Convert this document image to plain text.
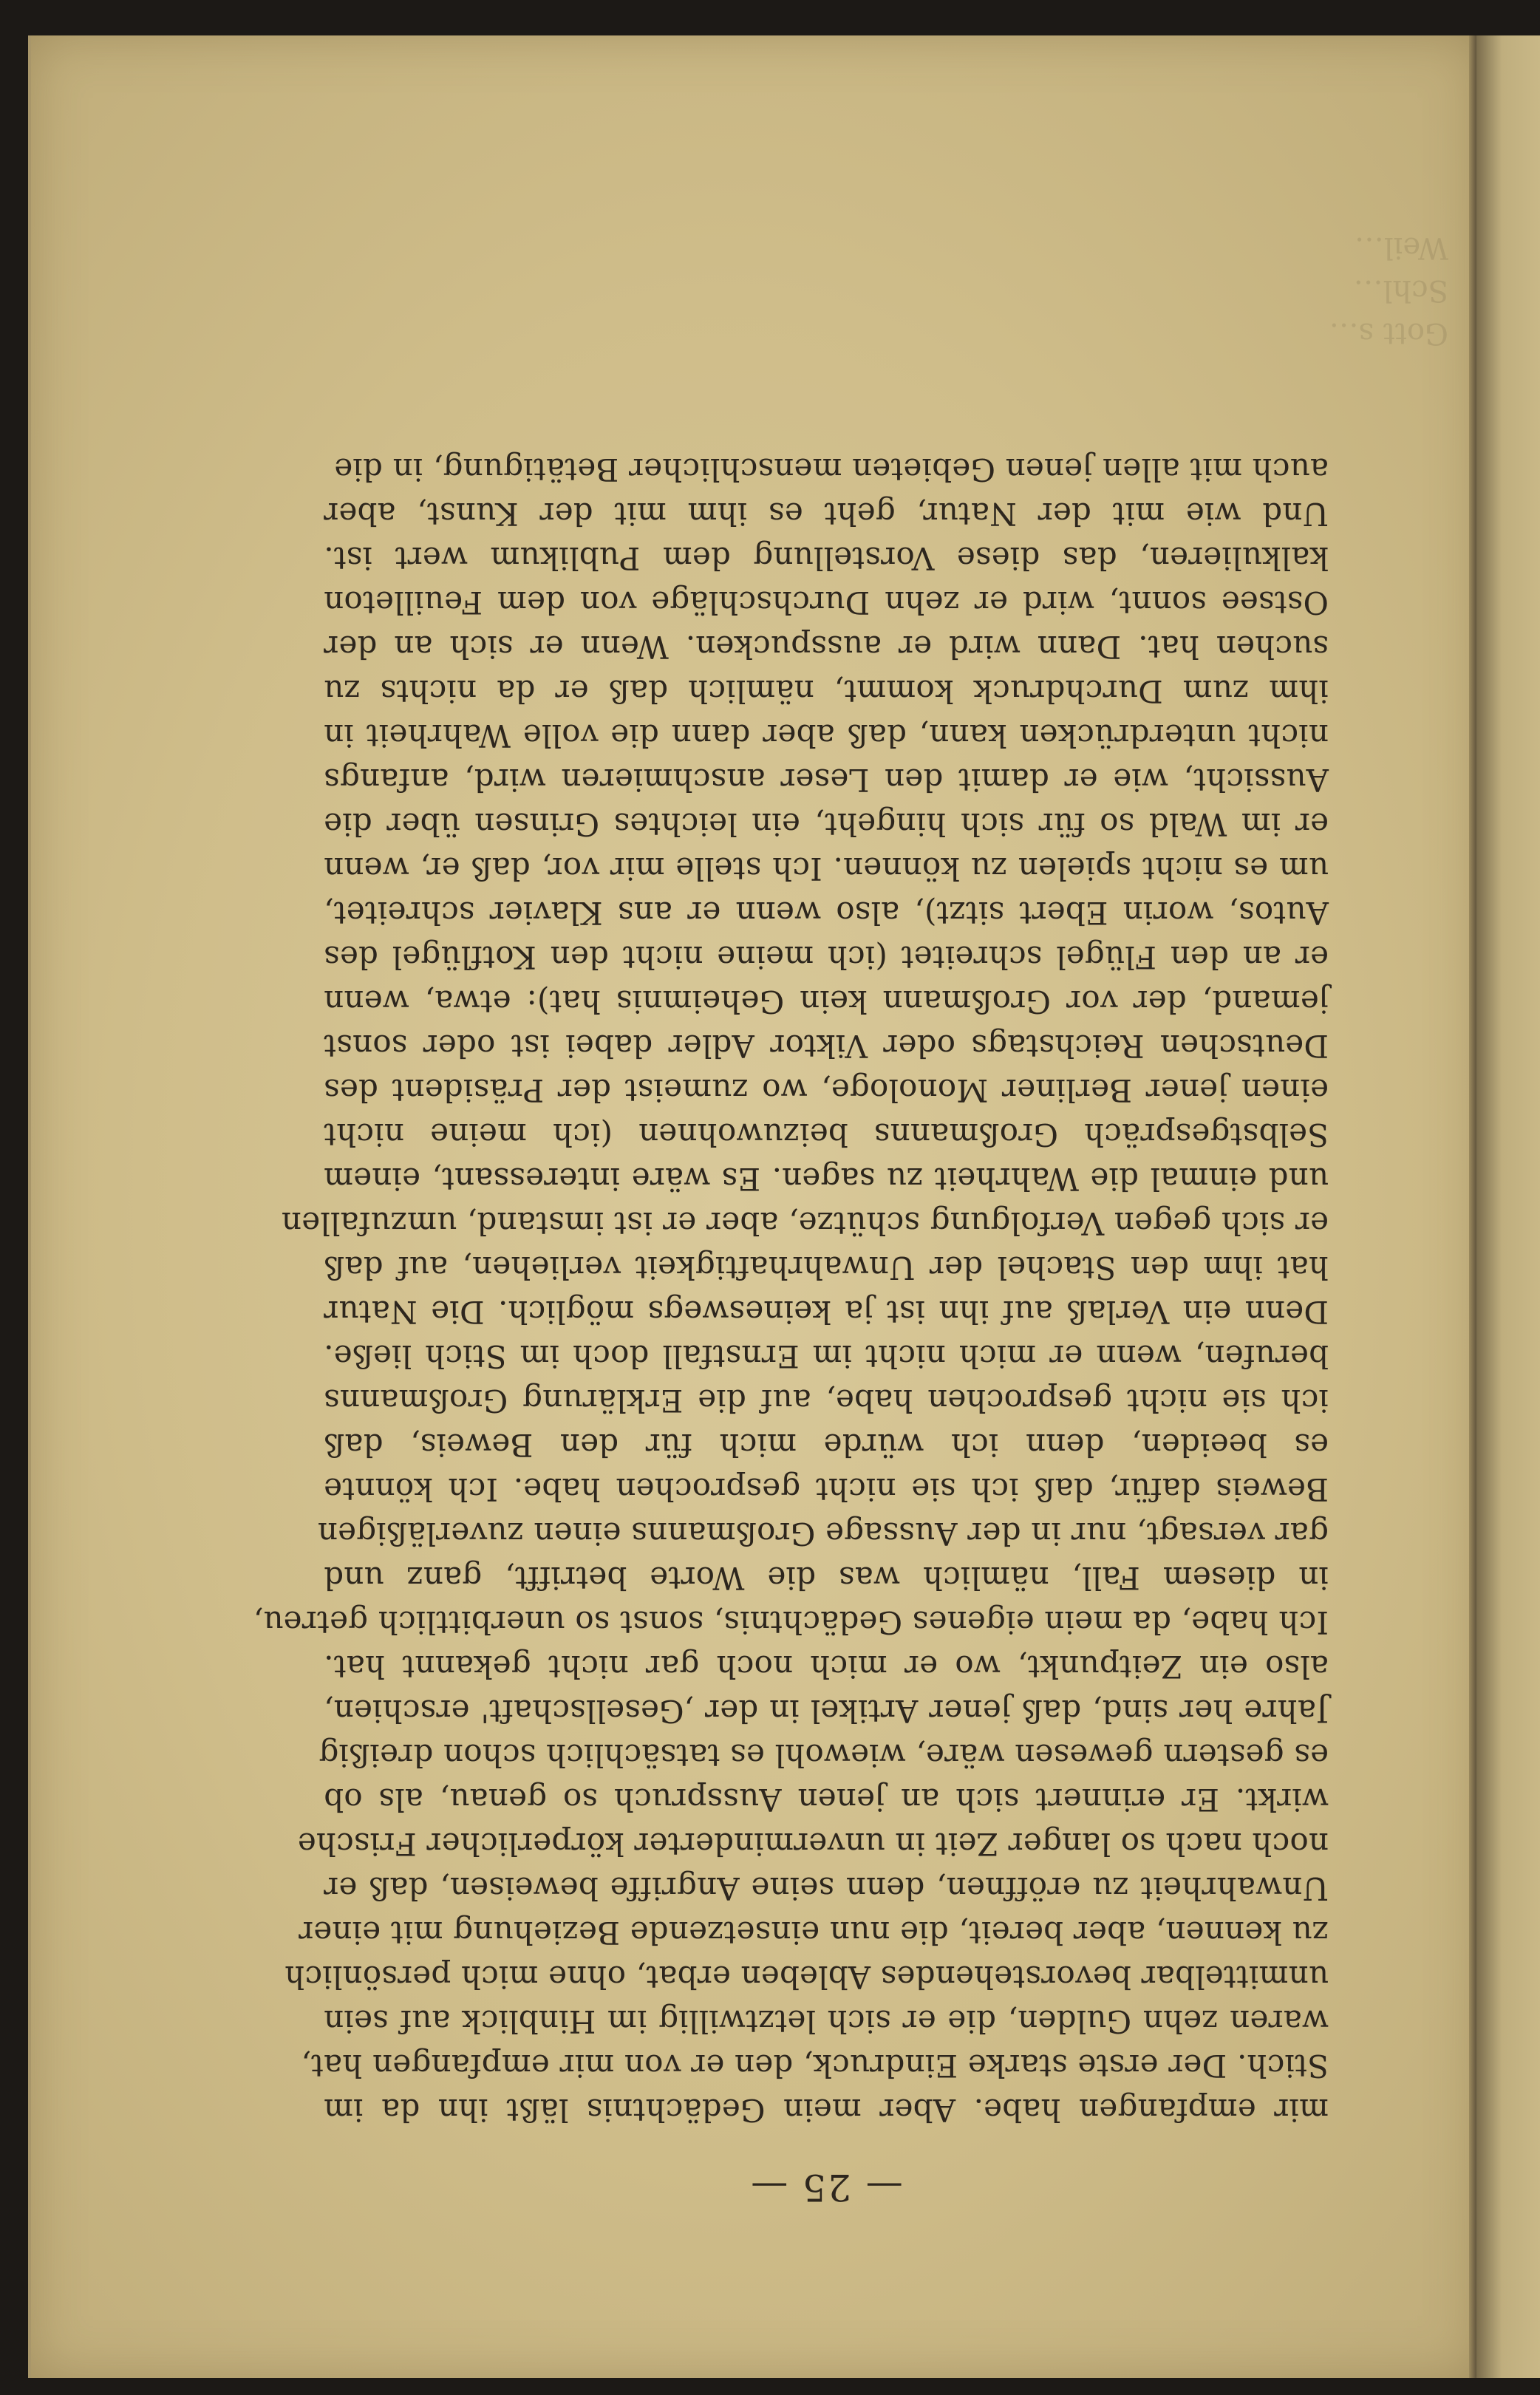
Gott s…
Schl…
Weil…
— 25 —
mir empfangen habe. Aber mein Gedächtnis läßt ihn da im
Stich. Der erste starke Eindruck, den er von mir empfangen hat,
waren zehn Gulden, die er sich letztwillig im Hinblick auf sein
unmittelbar bevorstehendes Ableben erbat, ohne mich persönlich
zu kennen, aber bereit, die nun einsetzende Beziehung mit einer
Unwahrheit zu eröffnen, denn seine Angriffe beweisen, daß er
noch nach so langer Zeit in unverminderter körperlicher Frische
wirkt. Er erinnert sich an jenen Ausspruch so genau, als ob
es gestern gewesen wäre, wiewohl es tatsächlich schon dreißig
Jahre her sind, daß jener Artikel in der ‚Gesellschaft' erschien,
also ein Zeitpunkt, wo er mich noch gar nicht gekannt hat.
Ich habe, da mein eigenes Gedächtnis, sonst so unerbittlich getreu,
in diesem Fall, nämlich was die Worte betrifft, ganz und
gar versagt, nur in der Aussage Großmanns einen zuverläßigen
Beweis dafür, daß ich sie nicht gesprochen habe. Ich könnte
es beeiden, denn ich würde mich für den Beweis, daß
ich sie nicht gesprochen habe, auf die Erklärung Großmanns
berufen, wenn er mich nicht im Ernstfall doch im Stich ließe.
Denn ein Verlaß auf ihn ist ja keineswegs möglich. Die Natur
hat ihm den Stachel der Unwahrhaftigkeit verliehen, auf daß
er sich gegen Verfolgung schütze, aber er ist imstand, umzufallen
und einmal die Wahrheit zu sagen. Es wäre interessant, einem
Selbstgespräch Großmanns beizuwohnen (ich meine nicht
einen jener Berliner Monologe, wo zumeist der Präsident des
Deutschen Reichstags oder Viktor Adler dabei ist oder sonst
jemand, der vor Großmann kein Geheimnis hat): etwa, wenn
er an den Flügel schreitet (ich meine nicht den Kotflügel des
Autos, worin Ebert sitzt), also wenn er ans Klavier schreitet,
um es nicht spielen zu können. Ich stelle mir vor, daß er, wenn
er im Wald so für sich hingeht, ein leichtes Grinsen über die
Aussicht, wie er damit den Leser anschmieren wird, anfangs
nicht unterdrücken kann, daß aber dann die volle Wahrheit in
ihm zum Durchdruck kommt, nämlich daß er da nichts zu
suchen hat. Dann wird er ausspucken. Wenn er sich an der
Ostsee sonnt, wird er zehn Durchschläge von dem Feuilleton
kalkulieren, das diese Vorstellung dem Publikum wert ist.
Und wie mit der Natur, geht es ihm mit der Kunst, aber
auch mit allen jenen Gebieten menschlicher Betätigung, in die
